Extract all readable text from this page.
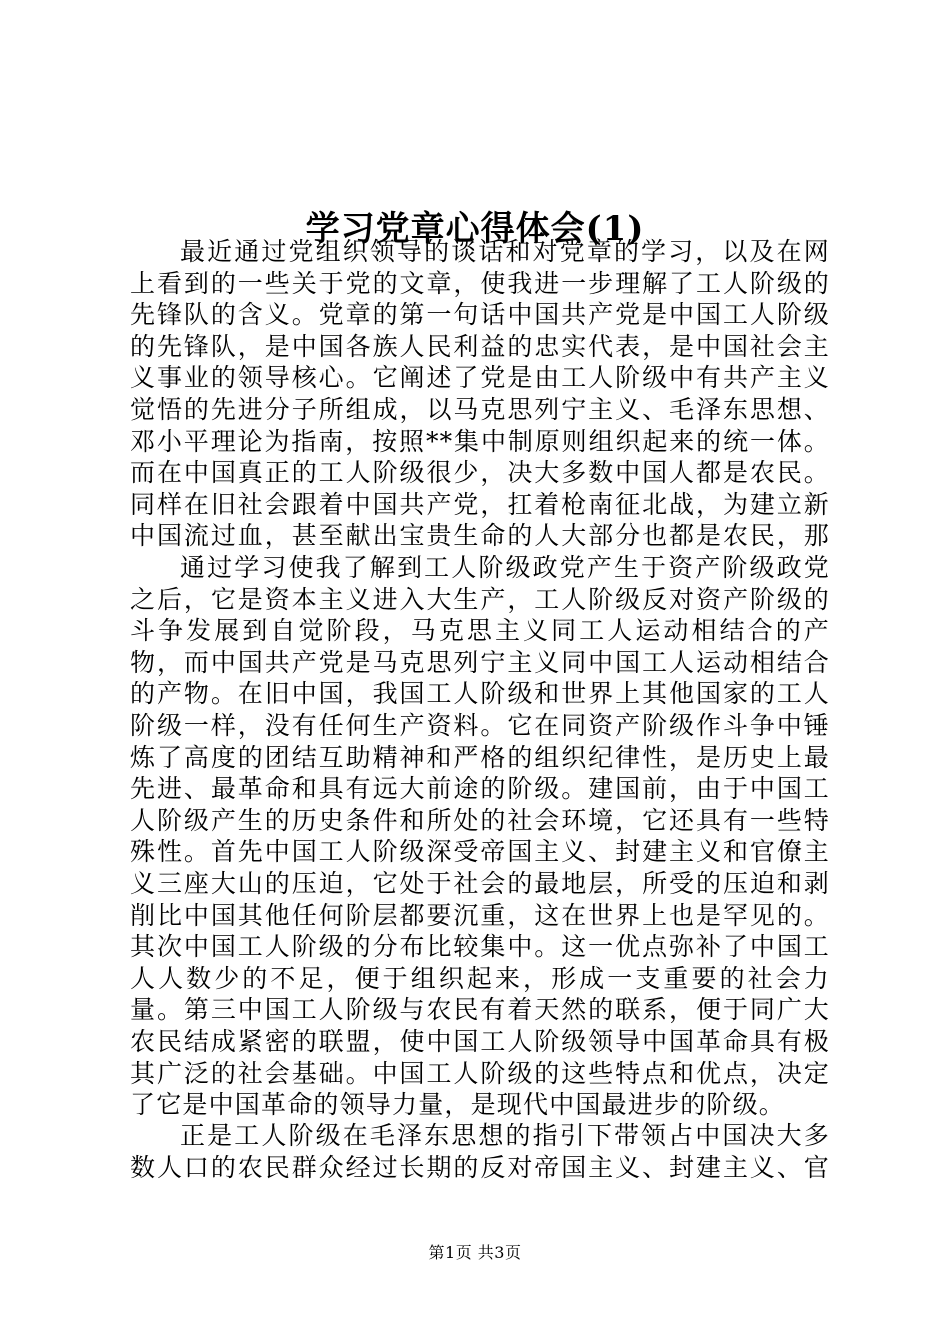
学习党章心得体会(1)

最近通过党组织领导的谈话和对党章的学习，以及在网上看到的一些关于党的文章，使我进一步理解了工人阶级的先锋队的含义。党章的第一句话中国共产党是中国工人阶级的先锋队，是中国各族人民利益的忠实代表，是中国社会主义事业的领导核心。它阐述了党是由工人阶级中有共产主义觉悟的先进分子所组成，以马克思列宁主义、毛泽东思想、邓小平理论为指南，按照**集中制原则组织起来的统一体。而在中国真正的工人阶级很少，决大多数中国人都是农民。同样在旧社会跟着中国共产党，扛着枪南征北战，为建立新中国流过血，甚至献出宝贵生命的人大部分也都是农民，那

通过学习使我了解到工人阶级政党产生于资产阶级政党之后，它是资本主义进入大生产，工人阶级反对资产阶级的斗争发展到自觉阶段，马克思主义同工人运动相结合的产物，而中国共产党是马克思列宁主义同中国工人运动相结合的产物。在旧中国，我国工人阶级和世界上其他国家的工人阶级一样，没有任何生产资料。它在同资产阶级作斗争中锤炼了高度的团结互助精神和严格的组织纪律性，是历史上最先进、最革命和具有远大前途的阶级。建国前，由于中国工人阶级产生的历史条件和所处的社会环境，它还具有一些特殊性。首先中国工人阶级深受帝国主义、封建主义和官僚主义三座大山的压迫，它处于社会的最地层，所受的压迫和剥削比中国其他任何阶层都要沉重，这在世界上也是罕见的。其次中国工人阶级的分布比较集中。这一优点弥补了中国工人人数少的不足，便于组织起来，形成一支重要的社会力量。第三中国工人阶级与农民有着天然的联系，便于同广大农民结成紧密的联盟，使中国工人阶级领导中国革命具有极其广泛的社会基础。中国工人阶级的这些特点和优点，决定了它是中国革命的领导力量，是现代中国最进步的阶级。

正是工人阶级在毛泽东思想的指引下带领占中国决大多数人口的农民群众经过长期的反对帝国主义、封建主义、官

第1页 共3页
